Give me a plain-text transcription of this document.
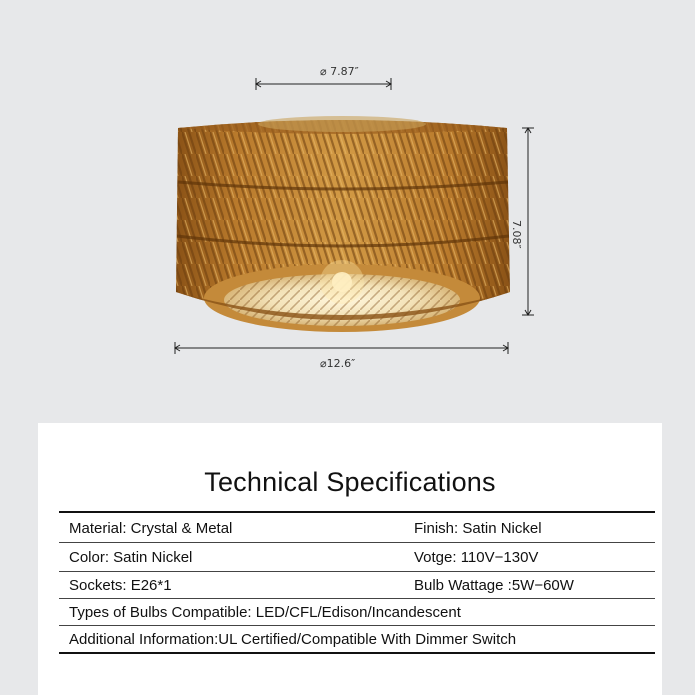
⌀ 7.87″
7.08″
⌀12.6″
Technical Specifications
Material: Crystal & Metal	Finish: Satin Nickel
Color: Satin Nickel	Votge: 110V−130V
Sockets: E26*1	Bulb Wattage :5W−60W
Types of Bulbs Compatible: LED/CFL/Edison/Incandescent
Additional Information:UL Certified/Compatible With Dimmer Switch
